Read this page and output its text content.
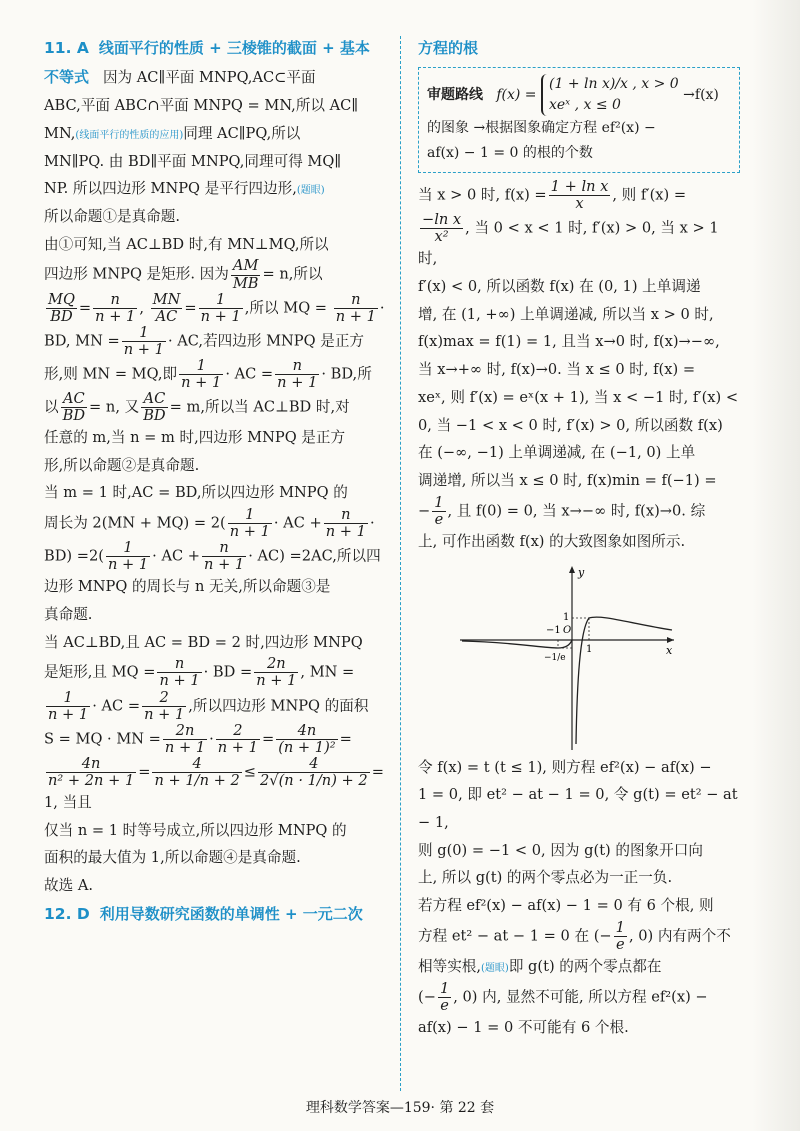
11. A 线面平行的性质 + 三棱锥的截面 + 基本

不等式 因为 AC∥平面 MNPQ,AC⊂平面

ABC,平面 ABC∩平面 MNPQ = MN,所以 AC∥

MN,(线面平行的性质的应用)同理 AC∥PQ,所以

MN∥PQ. 由 BD∥平面 MNPQ,同理可得 MQ∥

NP. 所以四边形 MNPQ 是平行四边形,(题眼)

所以命题①是真命题.

由①可知,当 AC⊥BD 时,有 MN⊥MQ,所以

四边形 MNPQ 是矩形. 因为 $\frac{AM}{MB} = n$,所以

$\frac{MQ}{BD} = \frac{n}{n + 1}$ , $\frac{MN}{AC} = \frac{1}{n + 1}$ ,所以 MQ = $\frac{n}{n + 1}$ ·

BD, MN = $\frac{1}{n + 1}$ · AC,若四边形 MNPQ 是正方

形,则 MN = MQ,即 $\frac{1}{n + 1}$ · AC = $\frac{n}{n + 1}$ · BD,所

以 $\frac{AC}{BD} = n$, 又 $\frac{AC}{BD} = m$,所以当 AC⊥BD 时,对

任意的 m,当 n = m 时,四边形 MNPQ 是正方

形,所以命题②是真命题.

当 m = 1 时,AC = BD,所以四边形 MNPQ 的

周长为 $2(MN + MQ) = 2( \frac{1}{n + 1}$ · AC + $\frac{n}{n + 1}$ ·

$BD) =2( \frac{1}{n + 1}$ · AC + $\frac{n}{n + 1} \cdot AC) =2AC$,所以四

边形 MNPQ 的周长与 n 无关,所以命题③是

真命题.

当 AC⊥BD,且 AC = BD = 2 时,四边形 MNPQ

是矩形,且 MQ = $\frac{n}{n + 1}$ · BD = $\frac{2n}{n + 1}$ , MN =

$\frac{1}{n + 1}$ · AC = $\frac{2}{n + 1}$ ,所以四边形 MNPQ 的面积

S = MQ · MN = $\frac{2n}{n + 1} \cdot \frac{2}{n + 1} = \frac{4n}{\text{(n + 1)²}}$ =

$\frac{4n}{\text{n² + 2n + 1}} = \frac{4}{n + 1/n + 2} \le \frac{4}{2√(n \cdot 1/n) + 2} = 1$, 当且

仅当 n = 1 时等号成立,所以四边形 MNPQ 的

面积的最大值为 1,所以命题④是真命题.

故选 A.

12. D 利用导数研究函数的单调性 + 一元二次

方程的根

审题路线 f(x) =
(1 + ln x)/x , x > 0
xeˣ , x ≤ 0
→f(x)
的图象 →根据图象确定方程 ef²(x) −
af(x) − 1 = 0 的根的个数

当 x > 0 时, $f(x) = \frac{\text{1 + ln x}}{x}$ , 则 f′(x) =

$\frac{\text{−ln x}}{\text{x²}}$ , 当 0 < x < 1 时, f′(x) > 0, 当 x > 1 时,

f′(x) < 0, 所以函数 f(x) 在 (0, 1) 上单调递

增, 在 (1, +∞) 上单调递减, 所以当 x > 0 时,

f(x)max = f(1) = 1, 且当 x→0 时, f(x)→−∞,

当 x→+∞ 时, f(x)→0. 当 x ≤ 0 时, f(x) =

xeˣ, 则 f′(x) = eˣ(x + 1), 当 x < −1 时, f′(x) <

0, 当 −1 < x < 0 时, f′(x) > 0, 所以函数 f(x)

在 (−∞, −1) 上单调递减, 在 (−1, 0) 上单

调递增, 所以当 x ≤ 0 时, f(x)min = f(−1) =

− $\frac{1}{e}$ , 且 f(0) = 0, 当 x→−∞ 时, f(x)→0. 综

上, 可作出函数 f(x) 的大致图象如图所示.

y
x
O
1
−1
1
−1/e

令 f(x) = t (t ≤ 1), 则方程 ef²(x) − af(x) −

1 = 0, 即 et² − at − 1 = 0, 令 g(t) = et² − at − 1,

则 g(0) = −1 < 0, 因为 g(t) 的图象开口向

上, 所以 g(t) 的两个零点必为一正一负.

若方程 ef²(x) − af(x) − 1 = 0 有 6 个根, 则

方程 et² − at − 1 = 0 在 (− $\frac{1}{e}$ , 0) 内有两个不

相等实根,(题眼)即 g(t) 的两个零点都在

(− $\frac{1}{e}$ , 0) 内, 显然不可能, 所以方程 ef²(x) −

af(x) − 1 = 0 不可能有 6 个根.

理科数学答案—159· 第 22 套
